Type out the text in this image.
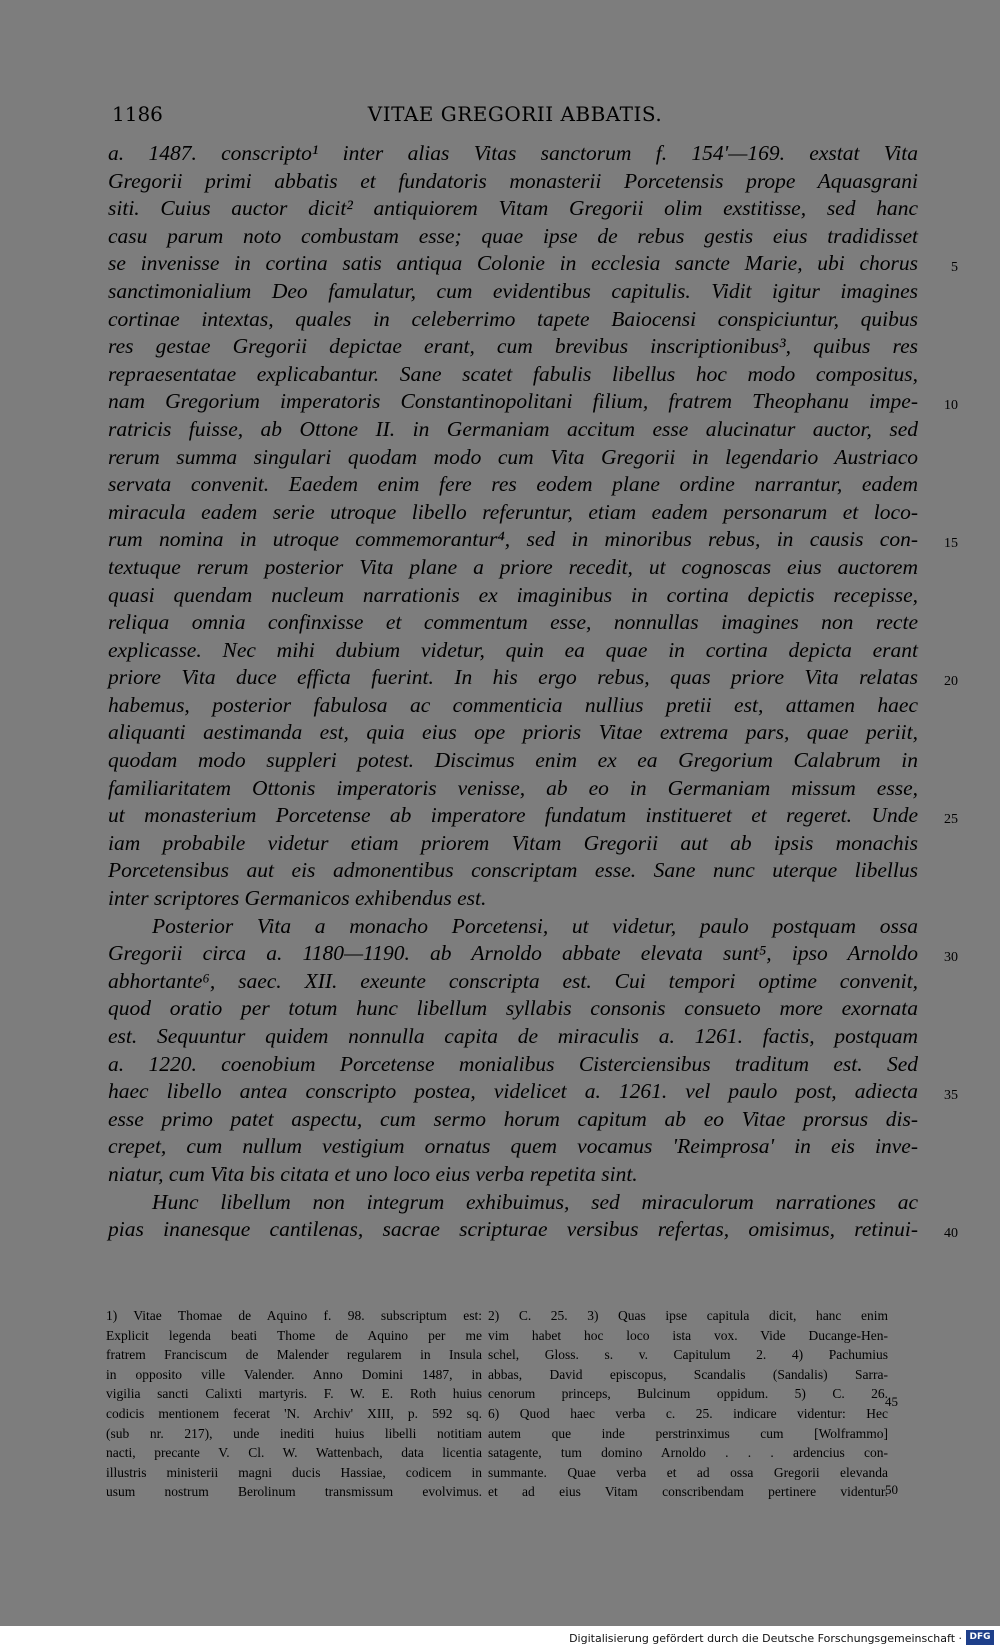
1186	VITAE GREGORII ABBATIS.
a. 1487. conscripto¹ inter alias Vitas sanctorum f. 154'—169. exstat Vita
Gregorii primi abbatis et fundatoris monasterii Porcetensis prope Aquasgrani
siti. Cuius auctor dicit² antiquiorem Vitam Gregorii olim exstitisse, sed hanc
casu parum noto combustam esse; quae ipse de rebus gestis eius tradidisset
se invenisse in cortina satis antiqua Colonie in ecclesia sancte Marie, ubi chorus 5
sanctimonialium Deo famulatur, cum evidentibus capitulis. Vidit igitur imagines
cortinae intextas, quales in celeberrimo tapete Baiocensi conspiciuntur, quibus
res gestae Gregorii depictae erant, cum brevibus inscriptionibus³, quibus res
repraesentatae explicabantur. Sane scatet fabulis libellus hoc modo compositus,
nam Gregorium imperatoris Constantinopolitani filium, fratrem Theophanu impe- 10
ratricis fuisse, ab Ottone II. in Germaniam accitum esse alucinatur auctor, sed
rerum summa singulari quodam modo cum Vita Gregorii in legendario Austriaco
servata convenit. Eaedem enim fere res eodem plane ordine narrantur, eadem
miracula eadem serie utroque libello referuntur, etiam eadem personarum et loco-
rum nomina in utroque commemorantur⁴, sed in minoribus rebus, in causis con- 15
textuque rerum posterior Vita plane a priore recedit, ut cognoscas eius auctorem
quasi quendam nucleum narrationis ex imaginibus in cortina depictis recepisse,
reliqua omnia confinxisse et commentum esse, nonnullas imagines non recte
explicasse. Nec mihi dubium videtur, quin ea quae in cortina depicta erant
priore Vita duce efficta fuerint. In his ergo rebus, quas priore Vita relatas 20
habemus, posterior fabulosa ac commenticia nullius pretii est, attamen haec
aliquanti aestimanda est, quia eius ope prioris Vitae extrema pars, quae periit,
quodam modo suppleri potest. Discimus enim ex ea Gregorium Calabrum in
familiaritatem Ottonis imperatoris venisse, ab eo in Germaniam missum esse,
ut monasterium Porcetense ab imperatore fundatum institueret et regeret. Unde 25
iam probabile videtur etiam priorem Vitam Gregorii aut ab ipsis monachis
Porcetensibus aut eis admonentibus conscriptam esse. Sane nunc uterque libellus
inter scriptores Germanicos exhibendus est.
Posterior Vita a monacho Porcetensi, ut videtur, paulo postquam ossa
Gregorii circa a. 1180—1190. ab Arnoldo abbate elevata sunt⁵, ipso Arnoldo 30
abhortante⁶, saec. XII. exeunte conscripta est. Cui tempori optime convenit,
quod oratio per totum hunc libellum syllabis consonis consueto more exornata
est. Sequuntur quidem nonnulla capita de miraculis a. 1261. factis, postquam
a. 1220. coenobium Porcetense monialibus Cisterciensibus traditum est. Sed
haec libello antea conscripto postea, videlicet a. 1261. vel paulo post, adiecta 35
esse primo patet aspectu, cum sermo horum capitum ab eo Vitae prorsus dis-
crepet, cum nullum vestigium ornatus quem vocamus 'Reimprosa' in eis inve-
niatur, cum Vita bis citata et uno loco eius verba repetita sint.
Hunc libellum non integrum exhibuimus, sed miraculorum narrationes ac
pias inanesque cantilenas, sacrae scripturae versibus refertas, omisimus, retinui- 40
1) Vitae Thomae de Aquino f. 98. subscriptum est:
Explicit legenda beati Thome de Aquino per me
fratrem Franciscum de Malender regularem in Insula
in opposito ville Valender. Anno Domini 1487, in
vigilia sancti Calixti martyris. F. W. E. Roth huius
codicis mentionem fecerat 'N. Archiv' XIII, p. 592 sq.
(sub nr. 217), unde inediti huius libelli notitiam
nacti, precante V. Cl. W. Wattenbach, data licentia
illustris ministerii magni ducis Hassiae, codicem in
usum nostrum Berolinum transmissum evolvimus.
45
50
2) C. 25. 3) Quas ipse capitula dicit, hanc enim
vim habet hoc loco ista vox. Vide Ducange-Hen-
schel, Gloss. s. v. Capitulum 2. 4) Pachumius
abbas, David episcopus, Scandalis (Sandalis) Sarra-
cenorum princeps, Bulcinum oppidum. 5) C. 26.
6) Quod haec verba c. 25. indicare videntur: Hec
autem que inde perstrinximus cum [Wolframmo]
satagente, tum domino Arnoldo . . . ardencius con-
summante. Quae verba et ad ossa Gregorii elevanda
et ad eius Vitam conscribendam pertinere videntur.
Digitalisierung gefördert durch die Deutsche Forschungsgemeinschaft · DFG
